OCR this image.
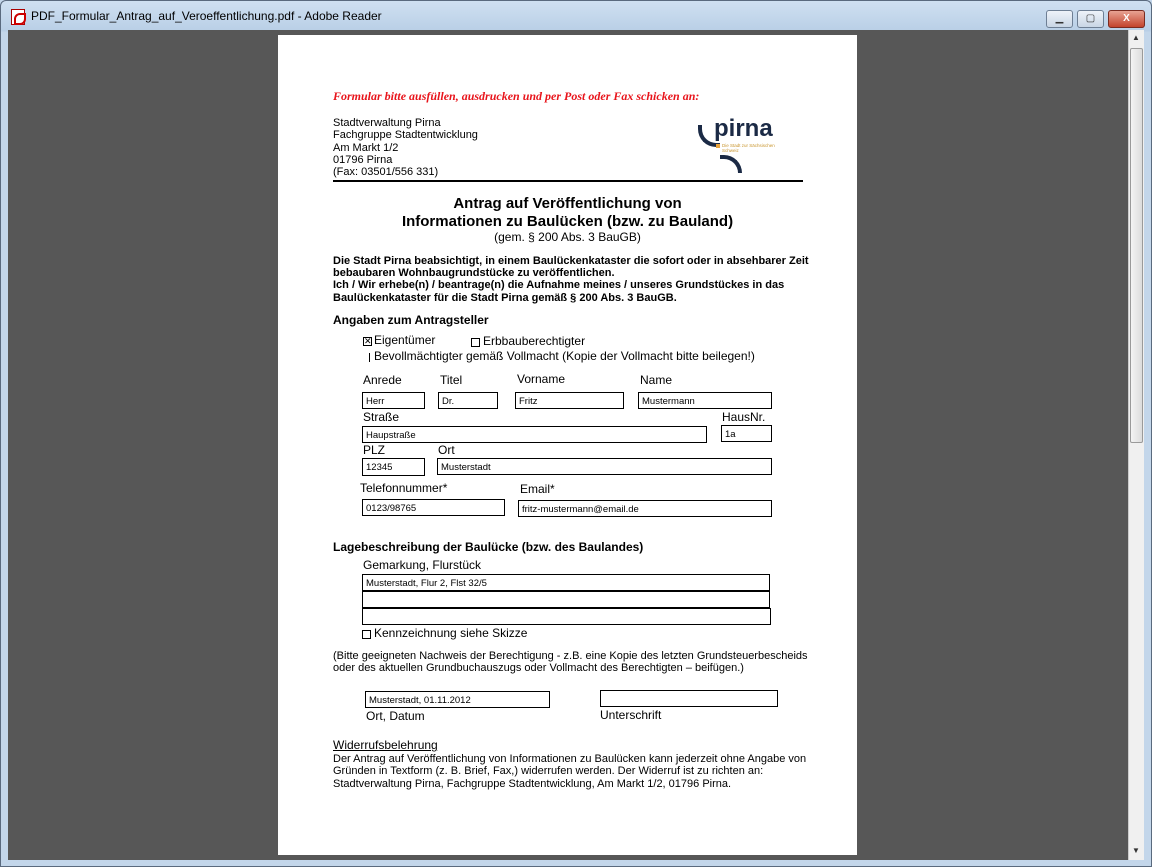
PDF_Formular_Antrag_auf_Veroeffentlichung.pdf - Adobe Reader	▁	▢	X
▲
▼
Formular bitte ausfüllen, ausdrucken und per Post oder Fax schicken an:
Stadtverwaltung Pirna
Fachgruppe Stadtentwicklung
Am Markt 1/2
01796 Pirna
(Fax: 03501/556 331)
pirna
Die Stadt zur Sächsischen Schweiz
Antrag auf Veröffentlichung von
Informationen zu Baulücken (bzw. zu Bauland)
(gem. § 200 Abs. 3 BauGB)
Die Stadt Pirna beabsichtigt, in einem Baulückenkataster die sofort oder in absehbarer Zeit
bebaubaren Wohnbaugrundstücke zu veröffentlichen.
Ich / Wir erhebe(n) / beantrage(n) die Aufnahme meines / unseres Grundstückes in das
Baulückenkataster für die Stadt Pirna gemäß § 200 Abs. 3 BauGB.
Angaben zum Antragsteller
✕ Eigentümer	Erbbauberechtigter
Bevollmächtigter gemäß Vollmacht (Kopie der Vollmacht bitte beilegen!)
Anrede	Titel	Vorname	Name
Herr	Dr.	Fritz	Mustermann
Straße	HausNr.
Haupstraße	1a
PLZ	Ort
12345	Musterstadt
Telefonnummer*	Email*
0123/98765	fritz-mustermann@email.de
Lagebeschreibung der Baulücke (bzw. des Baulandes)
Gemarkung, Flurstück
Musterstadt, Flur 2, Flst 32/5
Kennzeichnung siehe Skizze
(Bitte geeigneten Nachweis der Berechtigung - z.B. eine Kopie des letzten Grundsteuerbescheids
oder des aktuellen Grundbuchauszugs oder Vollmacht des Berechtigten – beifügen.)
Musterstadt, 01.11.2012
Ort, Datum	Unterschrift
Widerrufsbelehrung
Der Antrag auf Veröffentlichung von Informationen zu Baulücken kann jederzeit ohne Angabe von
Gründen in Textform (z. B. Brief, Fax,) widerrufen werden. Der Widerruf ist zu richten an:
Stadtverwaltung Pirna, Fachgruppe Stadtentwicklung, Am Markt 1/2, 01796 Pirna.
